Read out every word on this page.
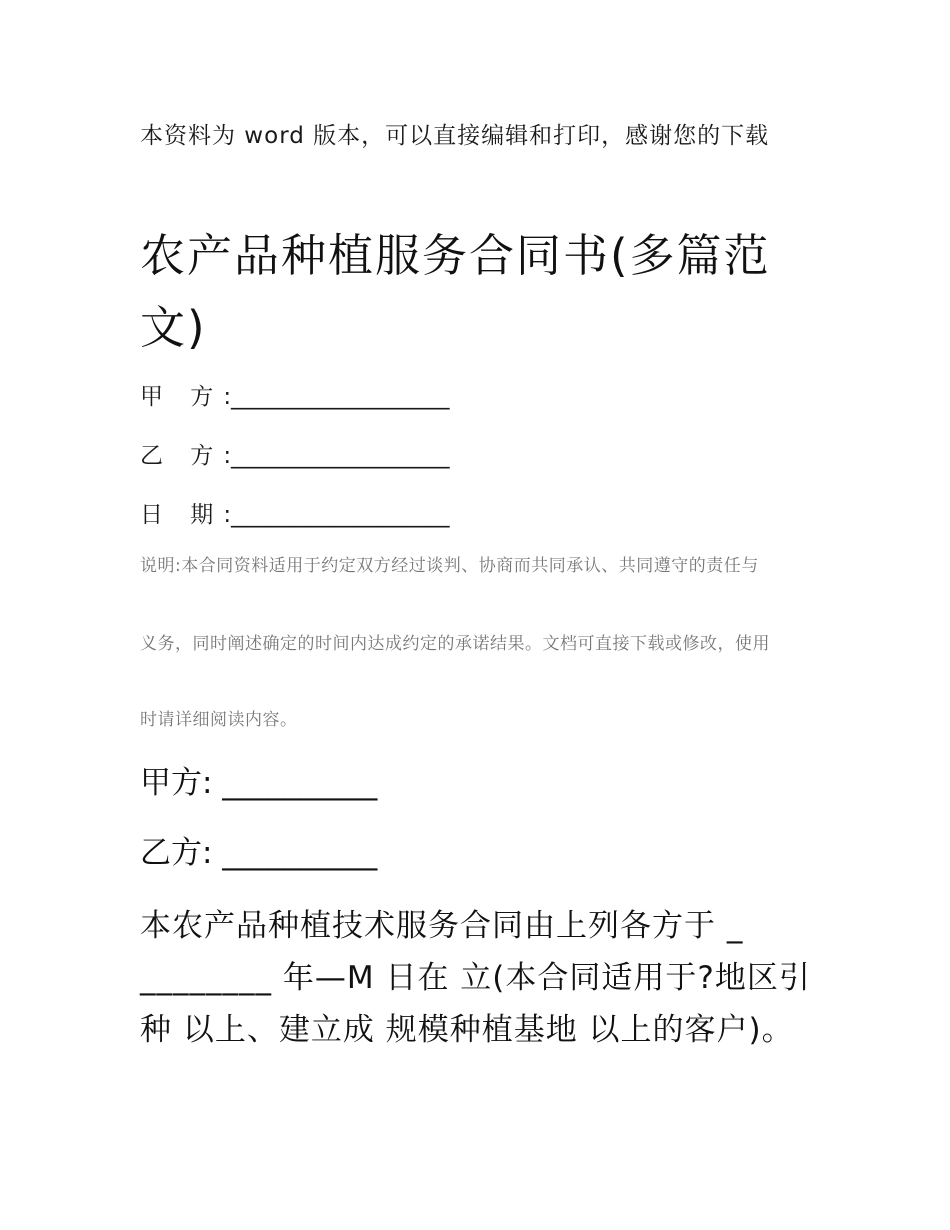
本资料为 word 版本，可以直接编辑和打印，感谢您的下载

农产品种植服务合同书(多篇范文)
甲 方:___________________
乙 方:___________________
日 期:___________________

说明:本合同资料适用于约定双方经过谈判、协商而共同承认、共同遵守的责任与

义务，同时阐述确定的时间内达成约定的承诺结果。文档可直接下载或修改，使用

时请详细阅读内容。

甲方: __________
乙方: __________

本农产品种植技术服务合同由上列各方于 _ ________ 年—M 日在 立(本合同适用于?地区引种 以上、建立成 规模种植基地 以上的客户)。
